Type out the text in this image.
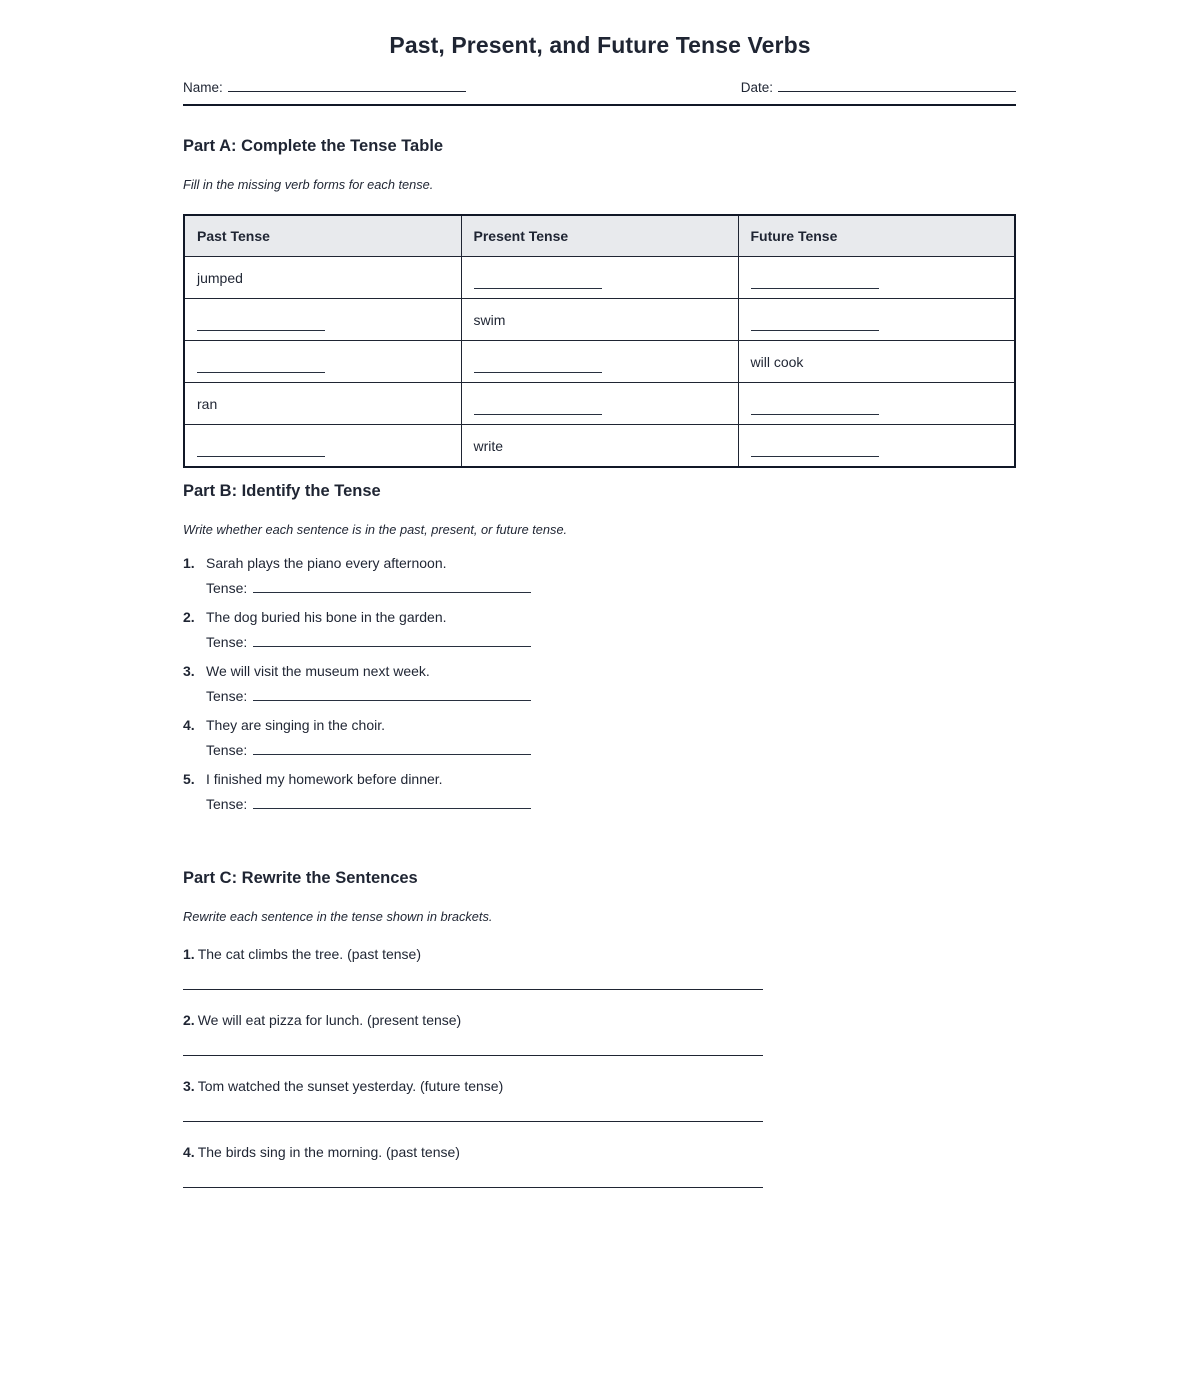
Past, Present, and Future Tense Verbs
Name:	Date:
Part A: Complete the Tense Table

Fill in the missing verb forms for each tense.

Past Tense	Present Tense	Future Tense
jumped		
	swim	
		will cook
ran		
	write	
Part B: Identify the Tense

Write whether each sentence is in the past, present, or future tense.

1. Sarah plays the piano every afternoon.
Tense:
2. The dog buried his bone in the garden.
Tense:
3. We will visit the museum next week.
Tense:
4. They are singing in the choir.
Tense:
5. I finished my homework before dinner.
Tense:
Part C: Rewrite the Sentences

Rewrite each sentence in the tense shown in brackets.

1. The cat climbs the tree. (past tense)
2. We will eat pizza for lunch. (present tense)
3. Tom watched the sunset yesterday. (future tense)
4. The birds sing in the morning. (past tense)
